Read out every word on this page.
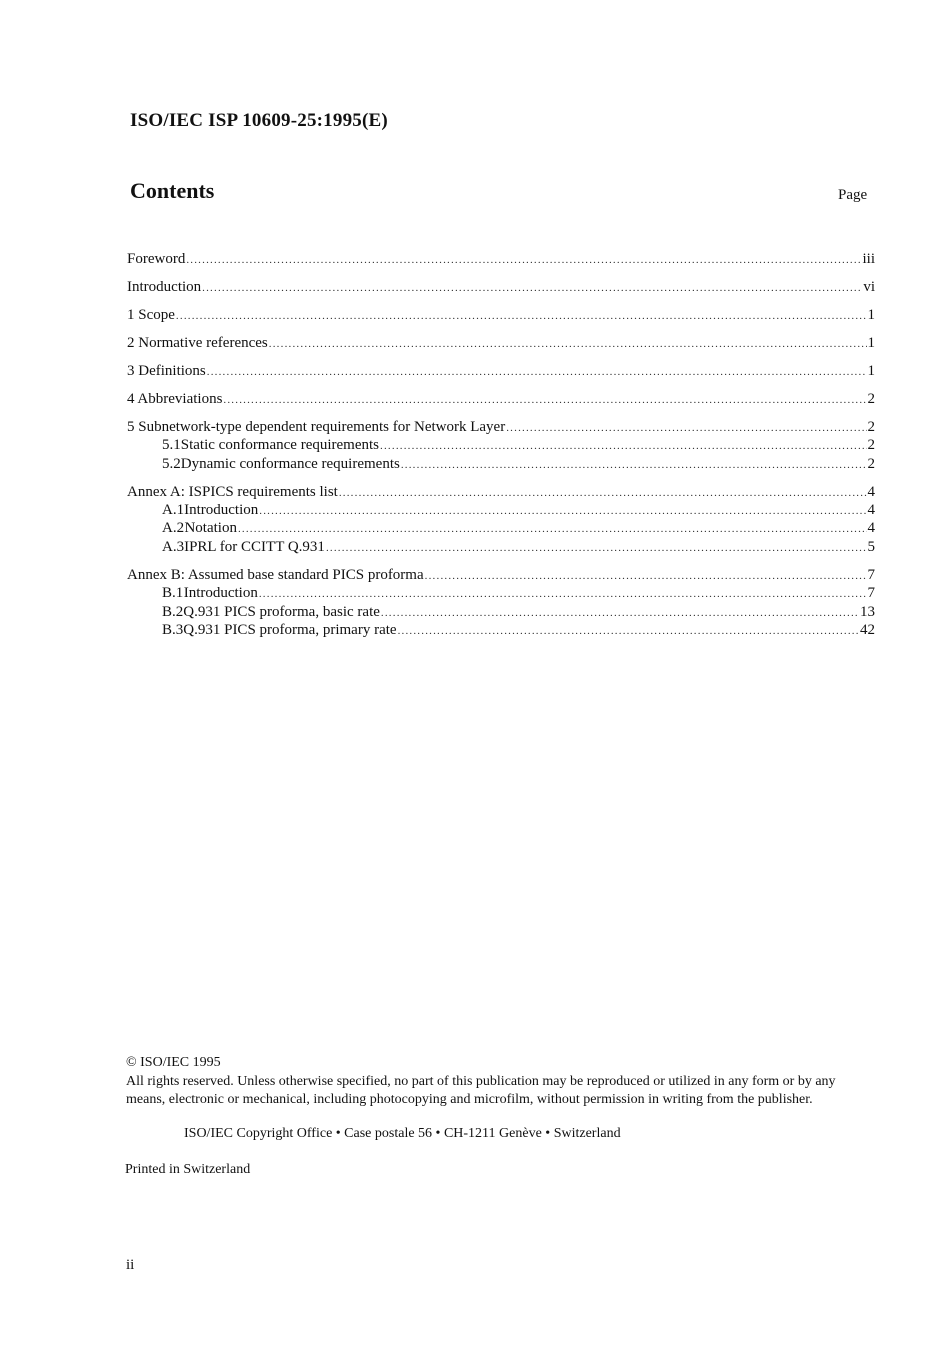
ISO/IEC ISP 10609-25:1995(E)
Contents	Page
Foreword .....	iii
Introduction .....	vi
1 Scope .....	1
2 Normative references .....	1
3 Definitions .....	1
4 Abbreviations .....	2
5 Subnetwork-type dependent requirements for Network Layer .....	2
5.1 Static conformance requirements .....	2
5.2 Dynamic conformance requirements .....	2
Annex A: ISPICS requirements list .....	4
A.1 Introduction .....	4
A.2 Notation .....	4
A.3 IPRL for CCITT Q.931 .....	5
Annex B: Assumed base standard PICS proforma .....	7
B.1 Introduction .....	7
B.2 Q.931 PICS proforma, basic rate .....	13
B.3 Q.931 PICS proforma, primary rate .....	42

© ISO/IEC 1995

All rights reserved. Unless otherwise specified, no part of this publication may be reproduced or utilized in any form or by any means, electronic or mechanical, including photocopying and microfilm, without permission in writing from the publisher.

ISO/IEC Copyright Office • Case postale 56 • CH-1211 Genève • Switzerland
Printed in Switzerland
ii
